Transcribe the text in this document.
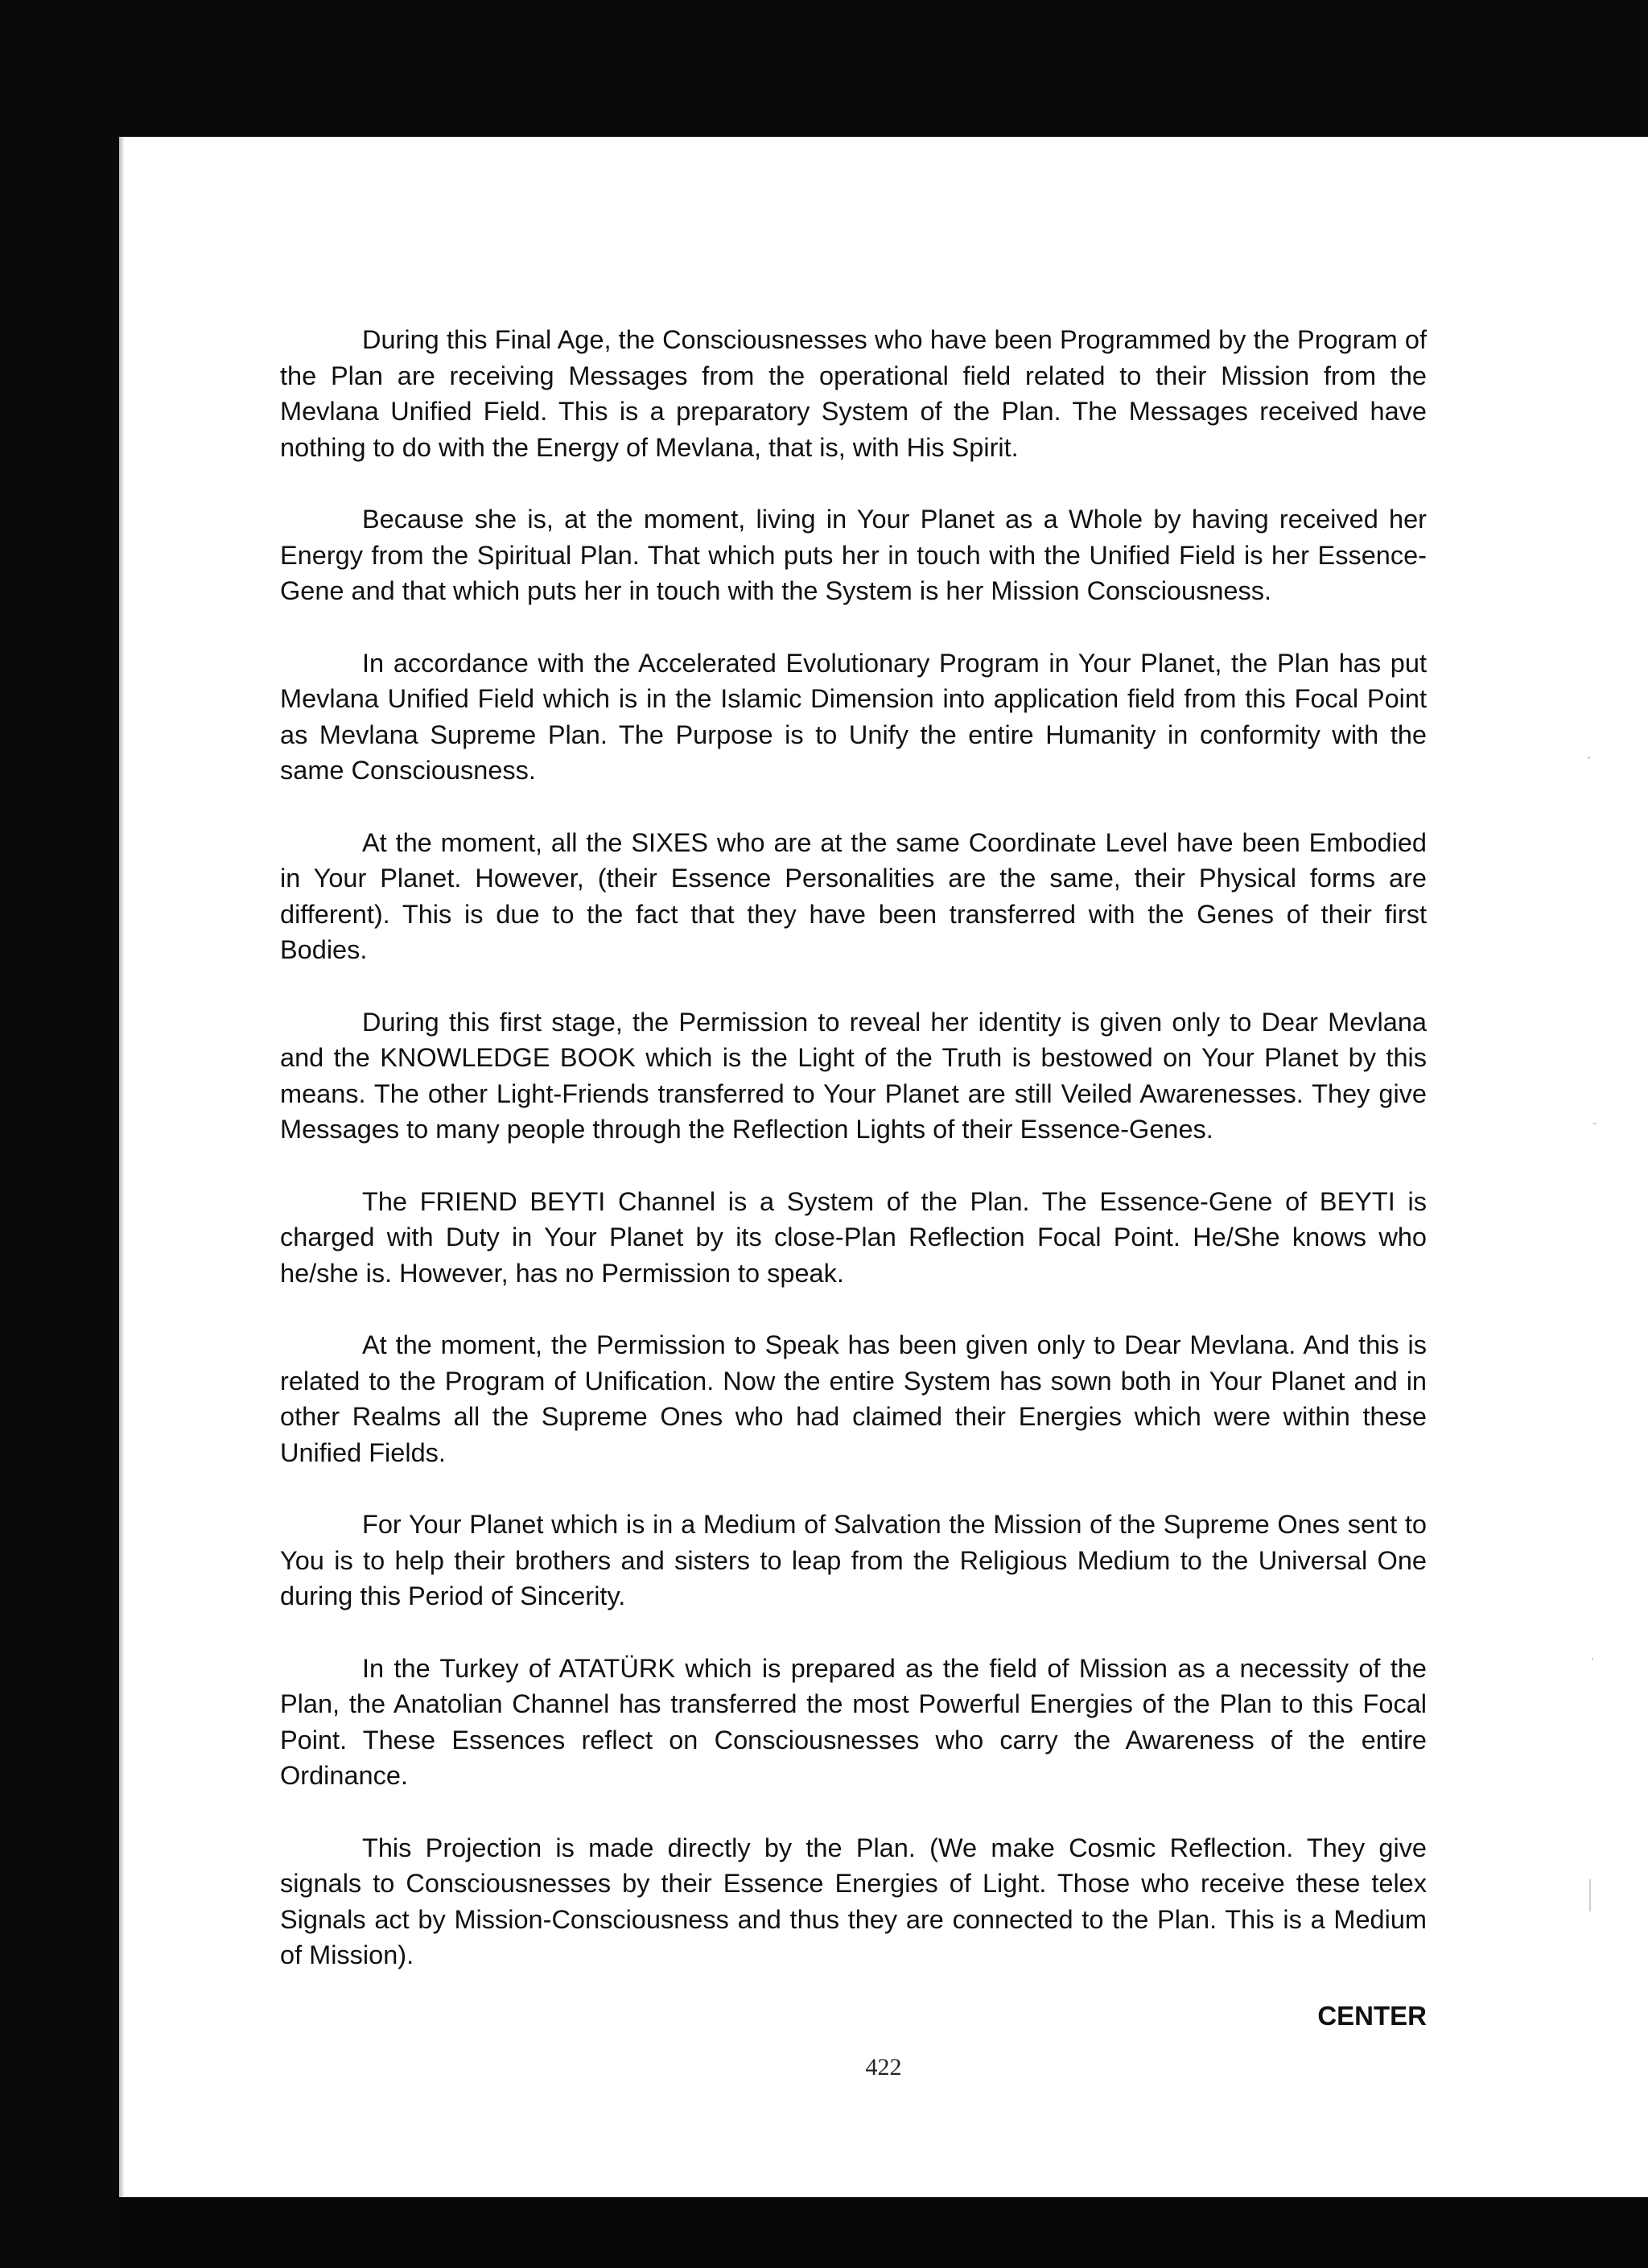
During this Final Age, the Consciousnesses who have been Programmed by the Program of the Plan are receiving Messages from the operational field related to their Mission from the Mevlana Unified Field. This is a preparatory System of the Plan. The Messages received have nothing to do with the Energy of Mevlana, that is, with His Spirit.

Because she is, at the moment, living in Your Planet as a Whole by having received her Energy from the Spiritual Plan. That which puts her in touch with the Unified Field is her Essence-Gene and that which puts her in touch with the System is her Mission Consciousness.

In accordance with the Accelerated Evolutionary Program in Your Planet, the Plan has put Mevlana Unified Field which is in the Islamic Dimension into application field from this Focal Point as Mevlana Supreme Plan. The Purpose is to Unify the entire Humanity in conformity with the same Consciousness.

At the moment, all the SIXES who are at the same Coordinate Level have been Embodied in Your Planet. However, (their Essence Personalities are the same, their Physical forms are different). This is due to the fact that they have been transferred with the Genes of their first Bodies.

During this first stage, the Permission to reveal her identity is given only to Dear Mevlana and the KNOWLEDGE BOOK which is the Light of the Truth is bestowed on Your Planet by this means. The other Light-Friends transferred to Your Planet are still Veiled Awarenesses. They give Messages to many people through the Reflection Lights of their Essence-Genes.

The FRIEND BEYTI Channel is a System of the Plan. The Essence-Gene of BEYTI is charged with Duty in Your Planet by its close-Plan Reflection Focal Point. He/She knows who he/she is. However, has no Permission to speak.

At the moment, the Permission to Speak has been given only to Dear Mevlana. And this is related to the Program of Unification. Now the entire System has sown both in Your Planet and in other Realms all the Supreme Ones who had claimed their Energies which were within these Unified Fields.

For Your Planet which is in a Medium of Salvation the Mission of the Supreme Ones sent to You is to help their brothers and sisters to leap from the Religious Medium to the Universal One during this Period of Sincerity.

In the Turkey of ATATÜRK which is prepared as the field of Mission as a necessity of the Plan, the Anatolian Channel has transferred the most Powerful Energies of the Plan to this Focal Point. These Essences reflect on Consciousnesses who carry the Awareness of the entire Ordinance.

This Projection is made directly by the Plan. (We make Cosmic Reflection. They give signals to Consciousnesses by their Essence Energies of Light. Those who receive these telex Signals act by Mission-Consciousness and thus they are connected to the Plan. This is a Medium of Mission).

CENTER
422
